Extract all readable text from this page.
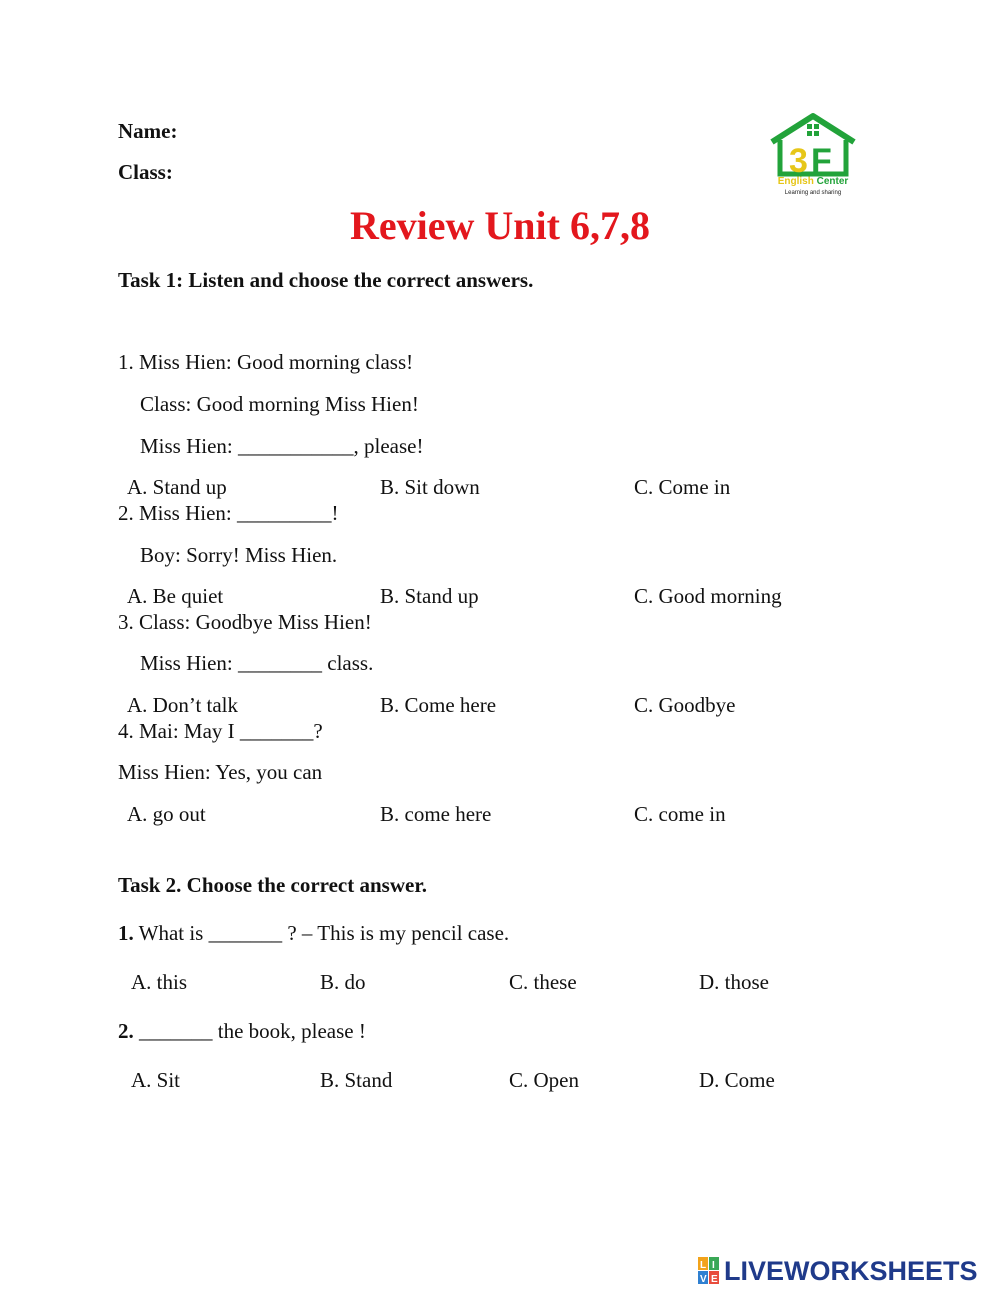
Name:
Class:	3 F
English Center
Learning and sharing
Review Unit 6,7,8
Task 1: Listen and choose the correct answers.
1. Miss Hien: Good morning class!
Class: Good morning Miss Hien!
Miss Hien: ___________, please!
A. Stand up	B. Sit down	C. Come in
2. Miss Hien: _________!
Boy: Sorry! Miss Hien.
A. Be quiet	B. Stand up	C. Good morning
3. Class: Goodbye Miss Hien!
Miss Hien: ________ class.
A. Don’t talk	B. Come here	C. Goodbye
4. Mai: May I _______?
Miss Hien: Yes, you can
A. go out	B. come here	C. come in
Task 2. Choose the correct answer.
1. What is _______ ? – This is my pencil case.
A. this	B. do	C. these	D. those
2. _______ the book, please !
A. Sit	B. Stand	C. Open	D. Come
L I
V E LIVEWORKSHEETS
